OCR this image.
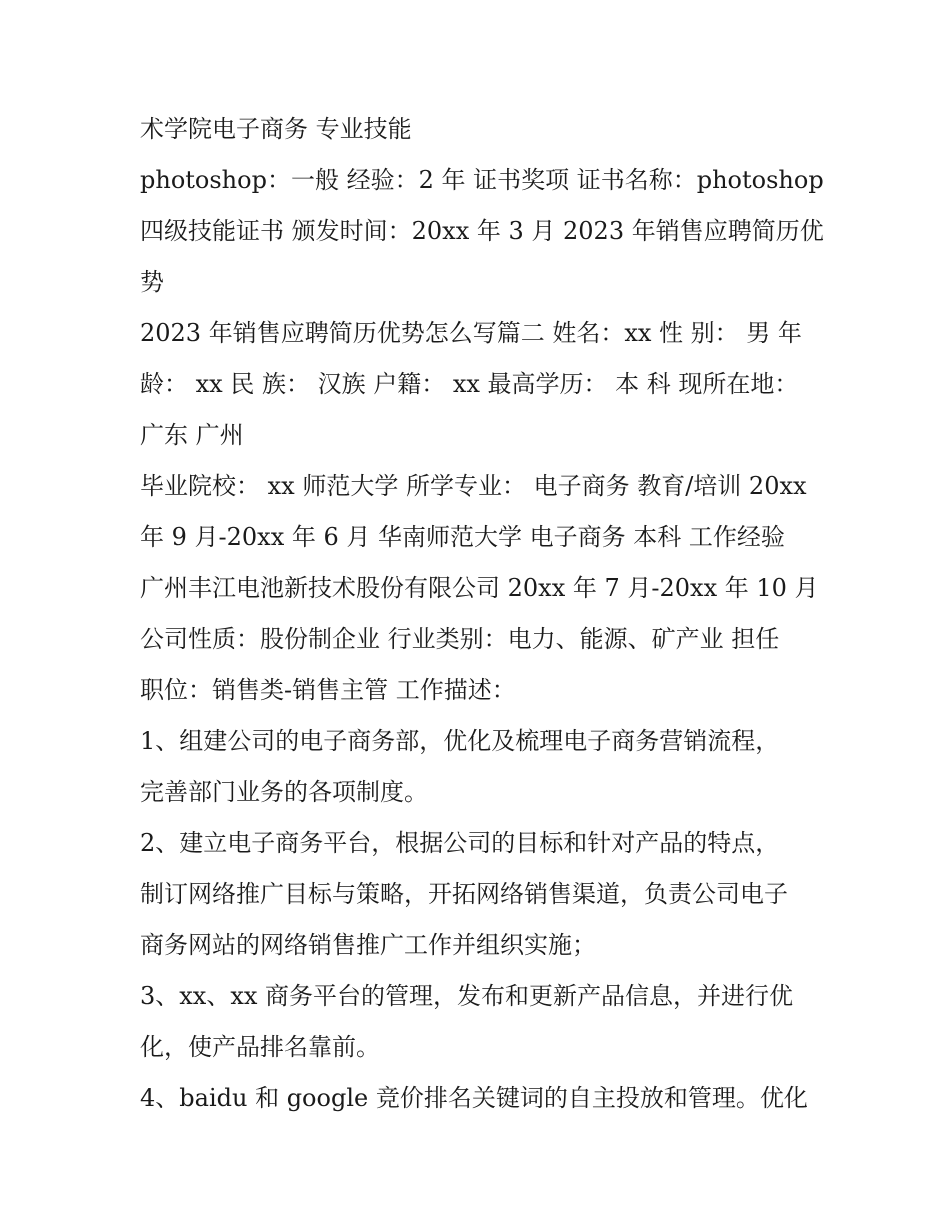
术学院电子商务 专业技能
photoshop：一般 经验：2 年 证书奖项 证书名称：photoshop
四级技能证书 颁发时间：20xx 年 3 月 2023 年销售应聘简历优
势
2023 年销售应聘简历优势怎么写篇二 姓名：xx 性 别： 男 年
龄： xx 民 族： 汉族 户籍： xx 最高学历： 本 科 现所在地：
广东 广州
毕业院校： xx 师范大学 所学专业： 电子商务 教育/培训 20xx
年 9 月-20xx 年 6 月 华南师范大学 电子商务 本科 工作经验
广州丰江电池新技术股份有限公司 20xx 年 7 月-20xx 年 10 月
公司性质：股份制企业 行业类别：电力、能源、矿产业 担任
职位：销售类-销售主管 工作描述：
1、组建公司的电子商务部，优化及梳理电子商务营销流程，
完善部门业务的各项制度。
2、建立电子商务平台，根据公司的目标和针对产品的特点，
制订网络推广目标与策略，开拓网络销售渠道，负责公司电子
商务网站的网络销售推广工作并组织实施；
3、xx、xx 商务平台的管理，发布和更新产品信息，并进行优
化，使产品排名靠前。
4、baidu 和 google 竞价排名关键词的自主投放和管理。优化
